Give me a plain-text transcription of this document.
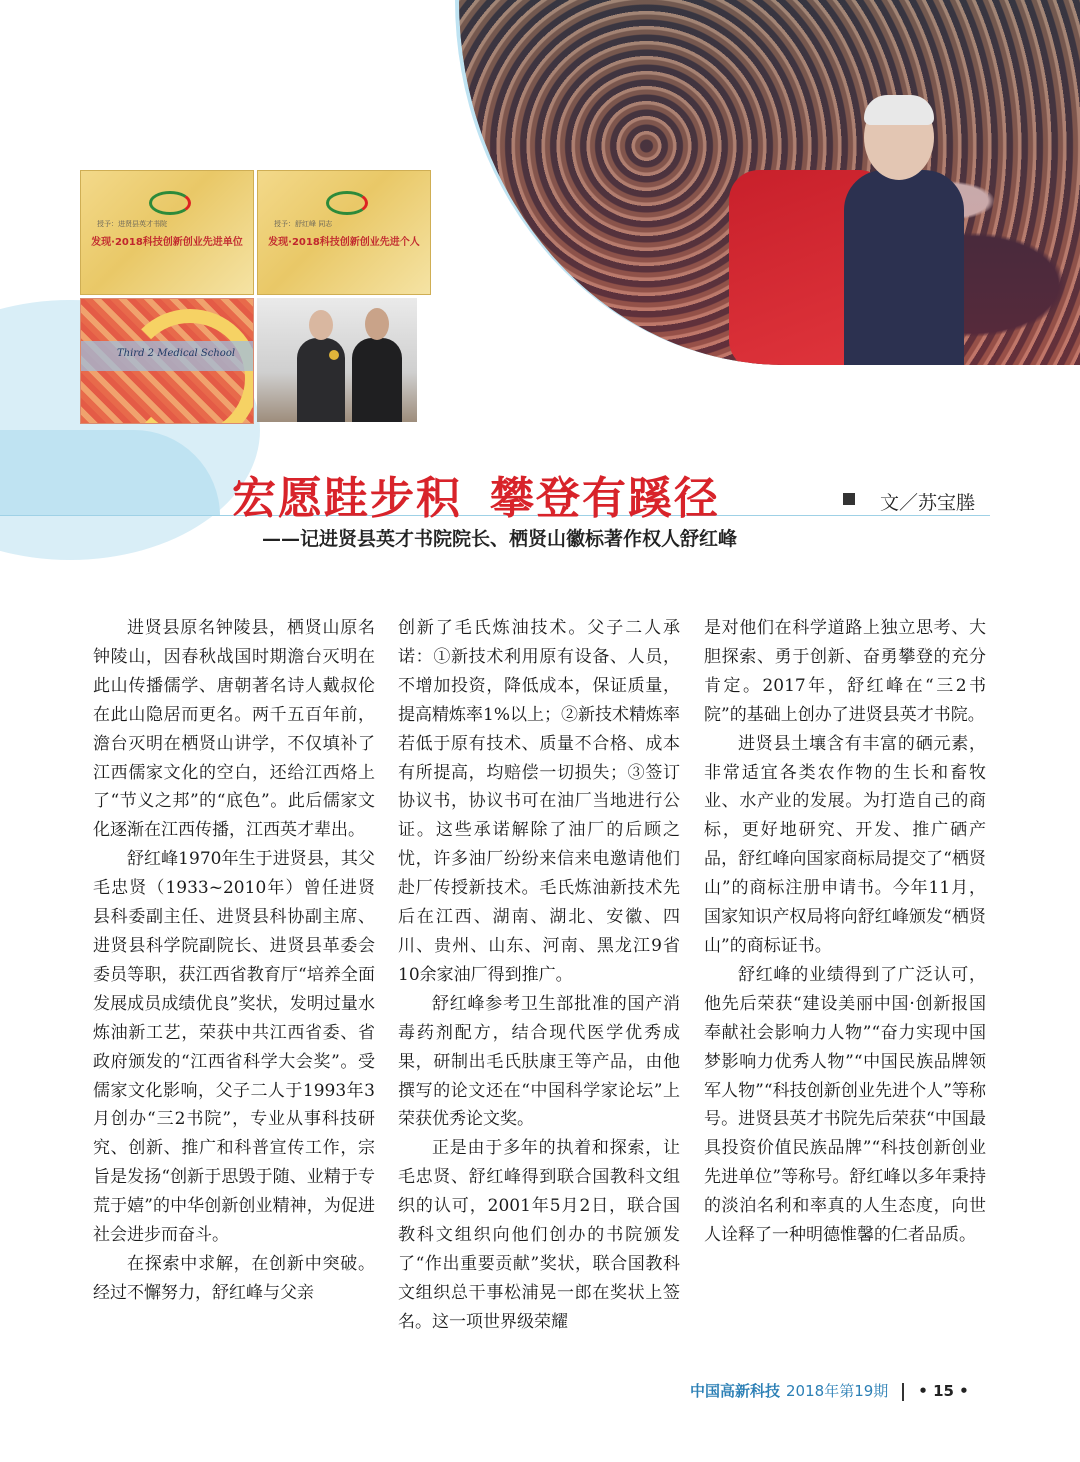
授予：进贤县英才书院
发现·2018科技创新创业先进单位
授予：舒红峰 同志
发现·2018科技创新创业先进个人
Third 2 Medical School
宏愿跬步积 攀登有蹊径	文／苏宝塍
——记进贤县英才书院院长、栖贤山徽标著作权人舒红峰

进贤县原名钟陵县，栖贤山原名钟陵山，因春秋战国时期澹台灭明在此山传播儒学、唐朝著名诗人戴叔伦在此山隐居而更名。两千五百年前，澹台灭明在栖贤山讲学，不仅填补了江西儒家文化的空白，还给江西烙上了“节义之邦”的“底色”。此后儒家文化逐渐在江西传播，江西英才辈出。

舒红峰1970年生于进贤县，其父毛忠贤（1933~2010年）曾任进贤县科委副主任、进贤县科协副主席、进贤县科学院副院长、进贤县革委会委员等职，获江西省教育厅“培养全面发展成员成绩优良”奖状，发明过量水炼油新工艺，荣获中共江西省委、省政府颁发的“江西省科学大会奖”。受儒家文化影响，父子二人于1993年3月创办“三2书院”，专业从事科技研究、创新、推广和科普宣传工作，宗旨是发扬“创新于思毁于随、业精于专荒于嬉”的中华创新创业精神，为促进社会进步而奋斗。

在探索中求解，在创新中突破。经过不懈努力，舒红峰与父亲

创新了毛氏炼油技术。父子二人承诺：①新技术利用原有设备、人员，不增加投资，降低成本，保证质量，提高精炼率1%以上；②新技术精炼率若低于原有技术、质量不合格、成本有所提高，均赔偿一切损失；③签订协议书，协议书可在油厂当地进行公证。这些承诺解除了油厂的后顾之忧，许多油厂纷纷来信来电邀请他们赴厂传授新技术。毛氏炼油新技术先后在江西、湖南、湖北、安徽、四川、贵州、山东、河南、黑龙江9省10余家油厂得到推广。

舒红峰参考卫生部批准的国产消毒药剂配方，结合现代医学优秀成果，研制出毛氏肤康王等产品，由他撰写的论文还在“中国科学家论坛”上荣获优秀论文奖。

正是由于多年的执着和探索，让毛忠贤、舒红峰得到联合国教科文组织的认可，2001年5月2日，联合国教科文组织向他们创办的书院颁发了“作出重要贡献”奖状，联合国教科文组织总干事松浦晃一郎在奖状上签名。这一项世界级荣耀

是对他们在科学道路上独立思考、大胆探索、勇于创新、奋勇攀登的充分肯定。2017年，舒红峰在“三2书院”的基础上创办了进贤县英才书院。

进贤县土壤含有丰富的硒元素，非常适宜各类农作物的生长和畜牧业、水产业的发展。为打造自己的商标，更好地研究、开发、推广硒产品，舒红峰向国家商标局提交了“栖贤山”的商标注册申请书。今年11月，国家知识产权局将向舒红峰颁发“栖贤山”的商标证书。

舒红峰的业绩得到了广泛认可，他先后荣获“建设美丽中国·创新报国奉献社会影响力人物”“奋力实现中国梦影响力优秀人物”“中国民族品牌领军人物”“科技创新创业先进个人”等称号。进贤县英才书院先后荣获“中国最具投资价值民族品牌”“科技创新创业先进单位”等称号。舒红峰以多年秉持的淡泊名利和率真的人生态度，向世人诠释了一种明德惟馨的仁者品质。

中国高新科技 2018年第19期 • 15 •
